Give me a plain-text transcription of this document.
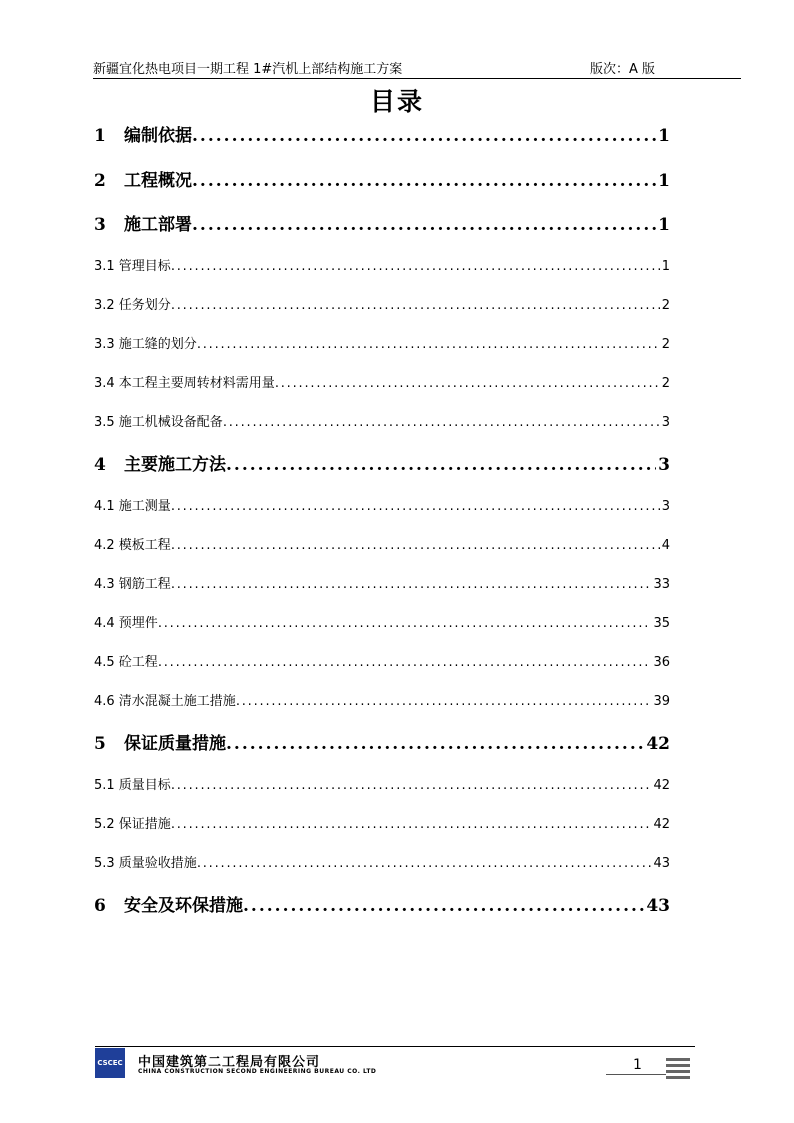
新疆宜化热电项目一期工程 1#汽机上部结构施工方案	版次：A 版
目录
1	编制依据 .....	1
2	工程概况 .....	1
3	施工部署 .....	1
3.1 管理目标 .....	1
3.2 任务划分 .....	2
3.3 施工缝的划分 .....	2
3.4 本工程主要周转材料需用量 .....	2
3.5 施工机械设备配备 .....	3
4	主要施工方法 .....	3
4.1 施工测量 .....	3
4.2 模板工程 .....	4
4.3 钢筋工程 .....	33
4.4 预埋件 .....	35
4.5 砼工程 .....	36
4.6 清水混凝土施工措施 .....	39
5	保证质量措施 .....	42
5.1 质量目标 .....	42
5.2 保证措施 .....	42
5.3 质量验收措施 .....	43
6	安全及环保措施 .....	43
CSCEC 中国建筑第二工程局有限公司
CHINA CONSTRUCTION SECOND ENGINEERING BUREAU CO. LTD	1
